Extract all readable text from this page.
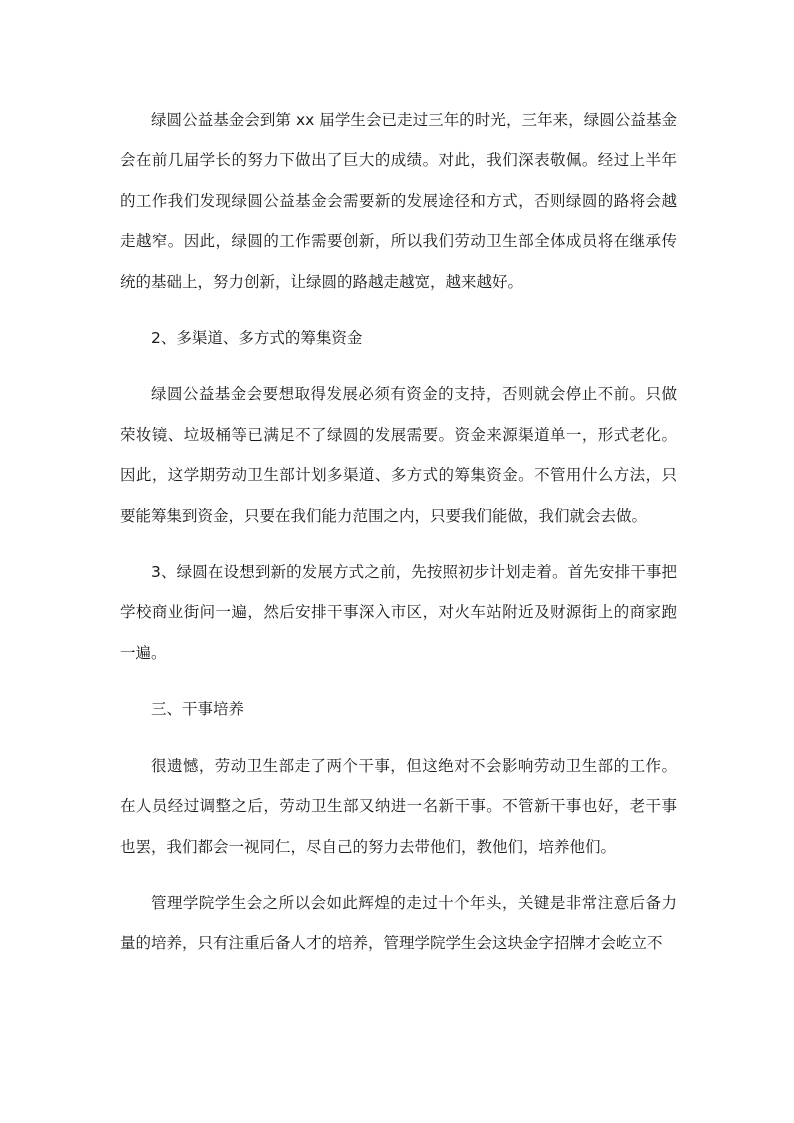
绿圆公益基金会到第 xx 届学生会已走过三年的时光，三年来，绿圆公益基金会在前几届学长的努力下做出了巨大的成绩。对此，我们深表敬佩。经过上半年的工作我们发现绿圆公益基金会需要新的发展途径和方式，否则绿圆的路将会越走越窄。因此，绿圆的工作需要创新，所以我们劳动卫生部全体成员将在继承传统的基础上，努力创新，让绿圆的路越走越宽，越来越好。

2、多渠道、多方式的筹集资金

绿圆公益基金会要想取得发展必须有资金的支持，否则就会停止不前。只做荣妆镜、垃圾桶等已满足不了绿圆的发展需要。资金来源渠道单一，形式老化。因此，这学期劳动卫生部计划多渠道、多方式的筹集资金。不管用什么方法，只要能筹集到资金，只要在我们能力范围之内，只要我们能做，我们就会去做。

3、绿圆在设想到新的发展方式之前，先按照初步计划走着。首先安排干事把学校商业街问一遍，然后安排干事深入市区，对火车站附近及财源街上的商家跑一遍。

三、干事培养

很遗憾，劳动卫生部走了两个干事，但这绝对不会影响劳动卫生部的工作。在人员经过调整之后，劳动卫生部又纳进一名新干事。不管新干事也好，老干事也罢，我们都会一视同仁，尽自己的努力去带他们，教他们，培养他们。

管理学院学生会之所以会如此辉煌的走过十个年头，关键是非常注意后备力量的培养，只有注重后备人才的培养，管理学院学生会这块金字招牌才会屹立不
